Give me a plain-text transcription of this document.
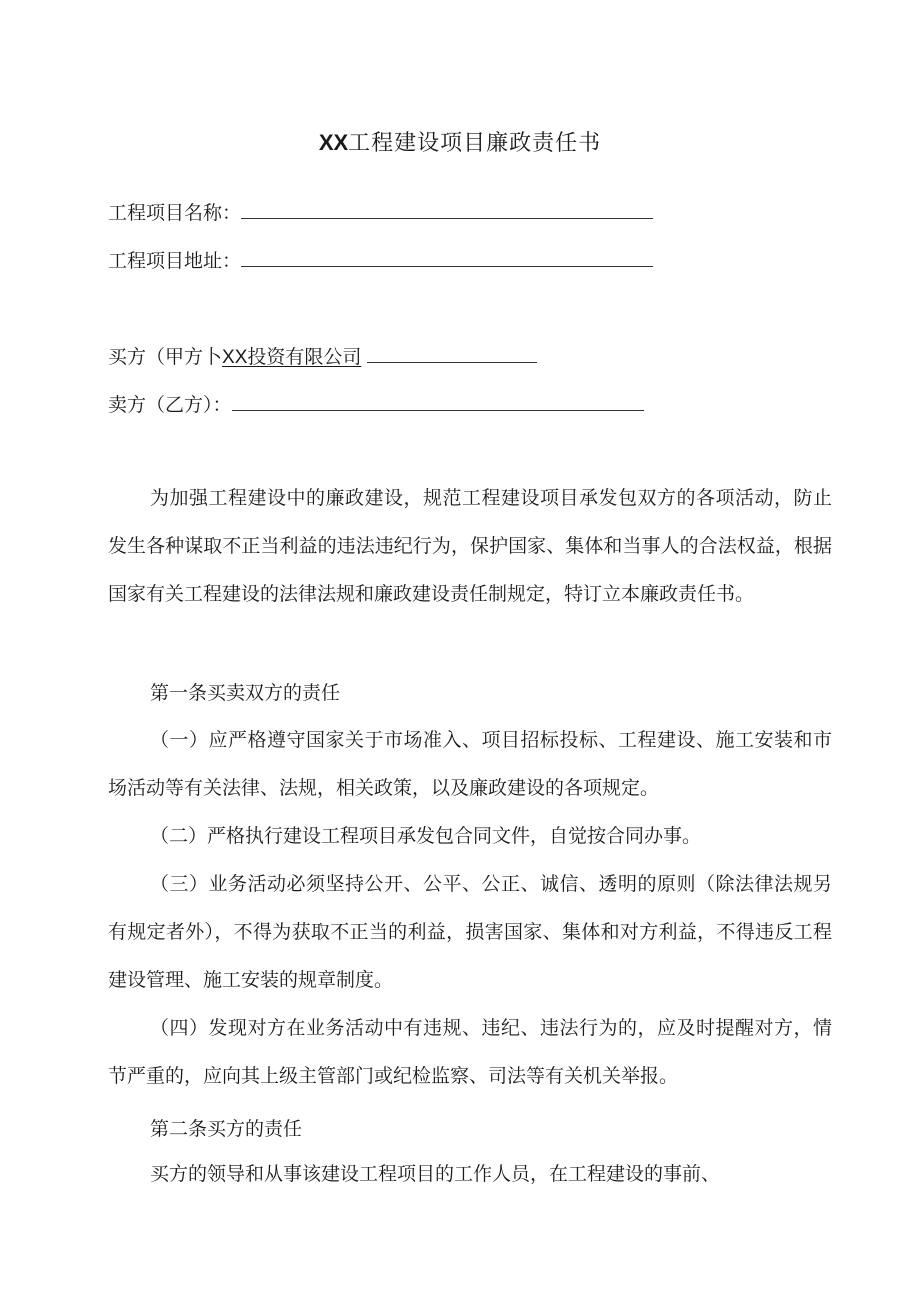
XX工程建设项目廉政责任书
工程项目名称：
工程项目地址：
买方（甲方卜XX投资有限公司
卖方（乙方）：

为加强工程建设中的廉政建设，规范工程建设项目承发包双方的各项活动，防止发生各种谋取不正当利益的违法违纪行为，保护国家、集体和当事人的合法权益，根据国家有关工程建设的法律法规和廉政建设责任制规定，特订立本廉政责任书。

第一条买卖双方的责任

（一）应严格遵守国家关于市场准入、项目招标投标、工程建设、施工安装和市场活动等有关法律、法规，相关政策，以及廉政建设的各项规定。

（二）严格执行建设工程项目承发包合同文件，自觉按合同办事。

（三）业务活动必须坚持公开、公平、公正、诚信、透明的原则（除法律法规另有规定者外），不得为获取不正当的利益，损害国家、集体和对方利益，不得违反工程建设管理、施工安装的规章制度。

（四）发现对方在业务活动中有违规、违纪、违法行为的，应及时提醒对方，情节严重的，应向其上级主管部门或纪检监察、司法等有关机关举报。

第二条买方的责任

买方的领导和从事该建设工程项目的工作人员，在工程建设的事前、
